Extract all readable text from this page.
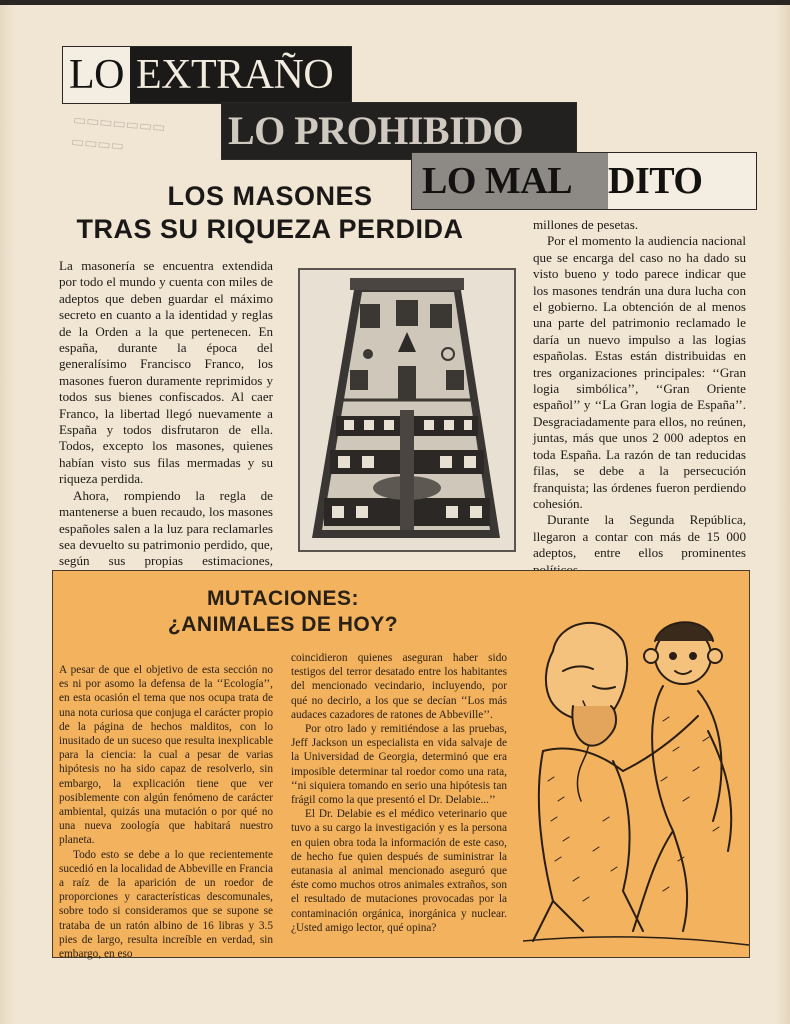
▭▭▭▭▭▭▭
▭▭▭▭
LO EXTRAÑO
LO PROHIBIDO
LO MAL DITO
LOS MASONES
TRAS SU RIQUEZA PERDIDA

La masonería se encuentra extendida por todo el mundo y cuenta con miles de adeptos que deben guardar el máximo secreto en cuanto a la identidad y reglas de la Orden a la que pertenecen. En españa, durante la época del generalísimo Francisco Franco, los masones fueron duramente reprimidos y todos sus bienes confiscados. Al caer Franco, la libertad llegó nuevamente a España y todos disfrutaron de ella. Todos, excepto los masones, quienes habían visto sus filas mermadas y su riqueza perdida.

Ahora, rompiendo la regla de mantenerse a buen recaudo, los masones españoles salen a la luz para reclamarles sea devuelto su patrimonio perdido, que, según sus propias estimaciones,

millones de pesetas.

Por el momento la audiencia nacional que se encarga del caso no ha dado su visto bueno y todo parece indicar que los masones tendrán una dura lucha con el gobierno. La obtención de al menos una parte del patrimonio reclamado le daría un nuevo impulso a las logias españolas. Estas están distribuidas en tres organizaciones principales: ‘‘Gran logia simbólica’’, ‘‘Gran Oriente español’’ y ‘‘La Gran logia de España’’. Desgraciadamente para ellos, no reúnen, juntas, más que unos 2 000 adeptos en toda España. La razón de tan reducidas filas, se debe a la persecución franquista; las órdenes fueron perdiendo cohesión.

Durante la Segunda República, llegaron a contar con más de 15 000 adeptos, entre ellos prominentes

MUTACIONES:
¿ANIMALES DE HOY?

A pesar de que el objetivo de esta sección no es ni por asomo la defensa de la ‘‘Ecología’’, en esta ocasión el tema que nos ocupa trata de una nota curiosa que conjuga el carácter propio de la página de hechos malditos, con lo inusitado de un suceso que resulta inexplicable para la ciencia: la cual a pesar de varias hipótesis no ha sido capaz de resolverlo, sin embargo, la explicación tiene que ver posiblemente con algún fenómeno de carácter ambiental, quizás una mutación o por qué no una nueva zoología que habitará nuestro planeta.

Todo esto se debe a lo que recientemente sucedió en la localidad de Abbeville en Francia a raíz de la aparición de un roedor de proporciones y características descomunales, sobre todo si consideramos que se supone se trataba de un ratón albino de 16 libras y 3.5 pies de largo, resulta increíble en verdad, sin embargo, en eso

coincidieron quienes aseguran haber sido testigos del terror desatado entre los habitantes del mencionado vecindario, incluyendo, por qué no decirlo, a los que se decían ‘‘Los más audaces cazadores de ratones de Abbeville’’.

Por otro lado y remitiéndose a las pruebas, Jeff Jackson un especialista en vida salvaje de la Universidad de Georgia, determinó que era imposible determinar tal roedor como una rata, ‘‘ni siquiera tomando en serio una hipótesis tan frágil como la que presentó el Dr. Delabie...’’

El Dr. Delabie es el médico veterinario que tuvo a su cargo la investigación y es la persona en quien obra toda la información de este caso, de hecho fue quien después de suministrar la eutanasia al animal mencionado aseguró que éste como muchos otros animales extraños, son el resultado de mutaciones provocadas por la contaminación orgánica, inorgánica y nuclear. ¿Usted amigo lector, qué opina?
